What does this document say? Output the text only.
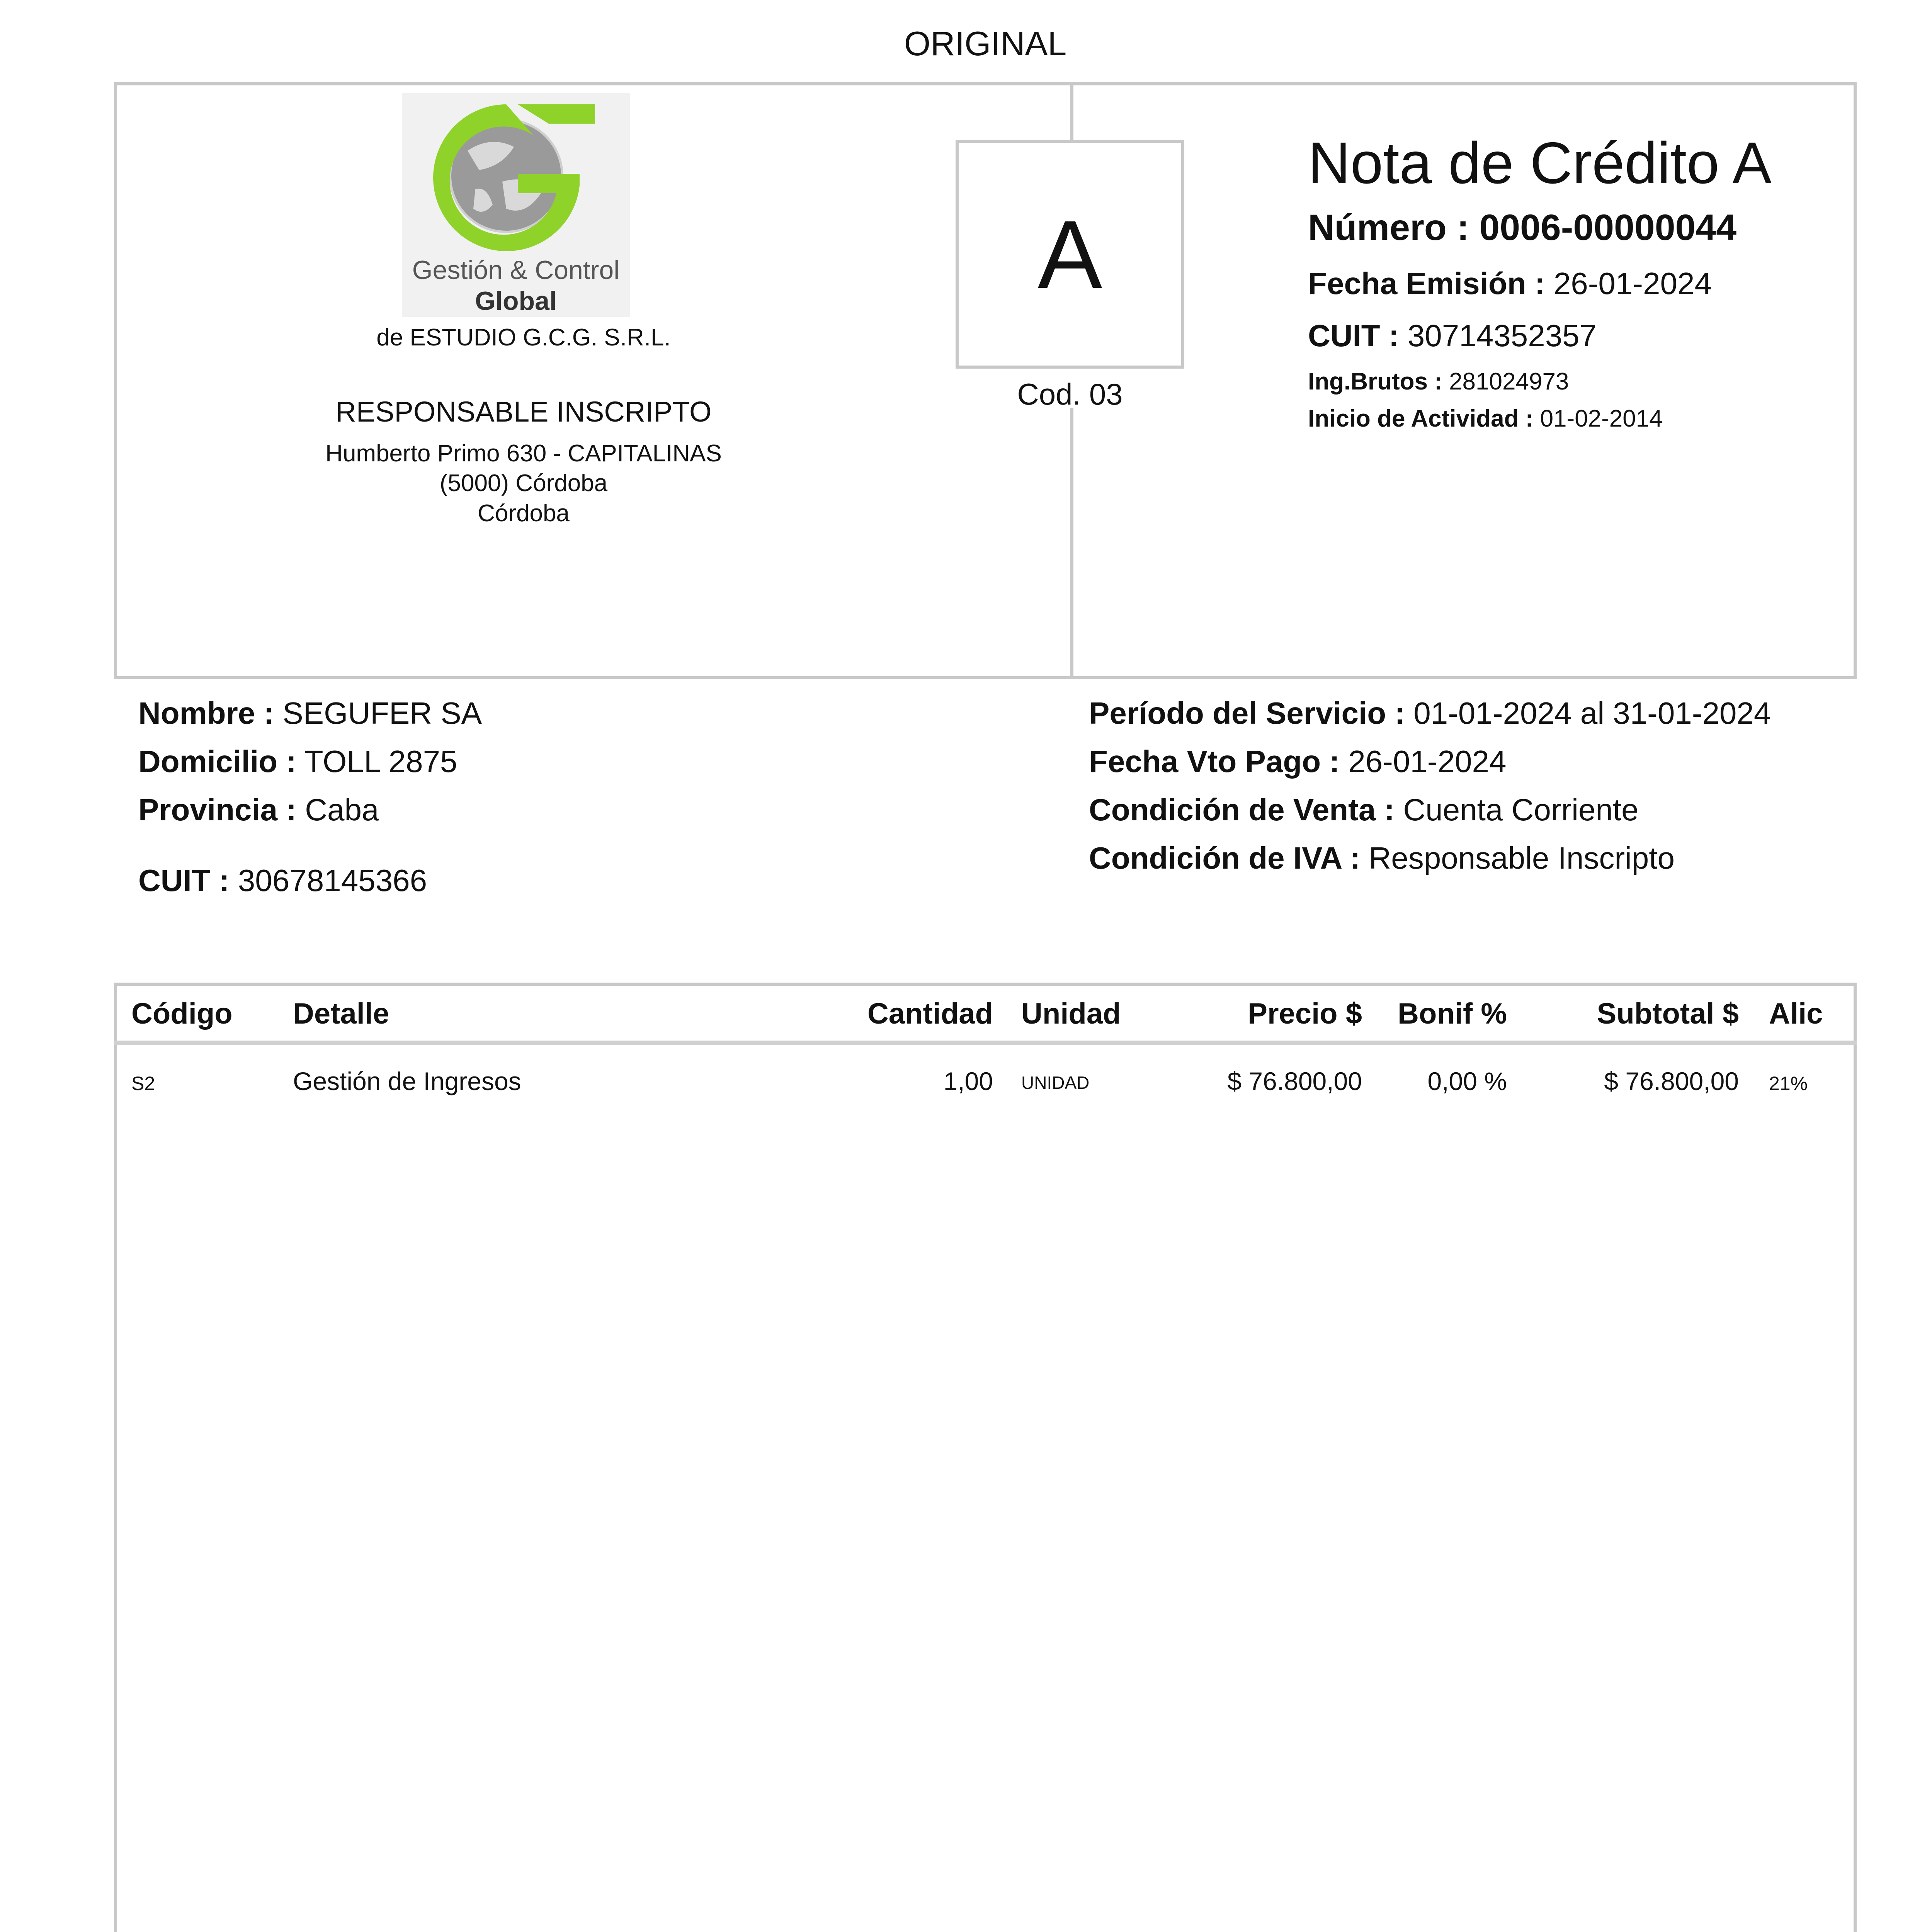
ORIGINAL
Gestión & Control
Global
de ESTUDIO G.C.G. S.R.L.
RESPONSABLE INSCRIPTO
Humberto Primo 630 - CAPITALINAS
(5000) Córdoba
Córdoba
A
Cod. 03
Nota de Crédito A
Número : 0006-00000044
Fecha Emisión : 26-01-2024
CUIT : 30714352357
Ing.Brutos : 281024973
Inicio de Actividad : 01-02-2014
Nombre : SEGUFER SA
Domicilio : TOLL 2875
Provincia : Caba
CUIT : 30678145366
Período del Servicio : 01-01-2024 al 31-01-2024
Fecha Vto Pago : 26-01-2024
Condición de Venta : Cuenta Corriente
Condición de IVA : Responsable Inscripto
Código Detalle	Cantidad Unidad	Precio $	Bonif %	Subtotal $ Alic
S2	Gestión de Ingresos	1,00 UNIDAD	$ 76.800,00	0,00 %	$ 76.800,00 21%
